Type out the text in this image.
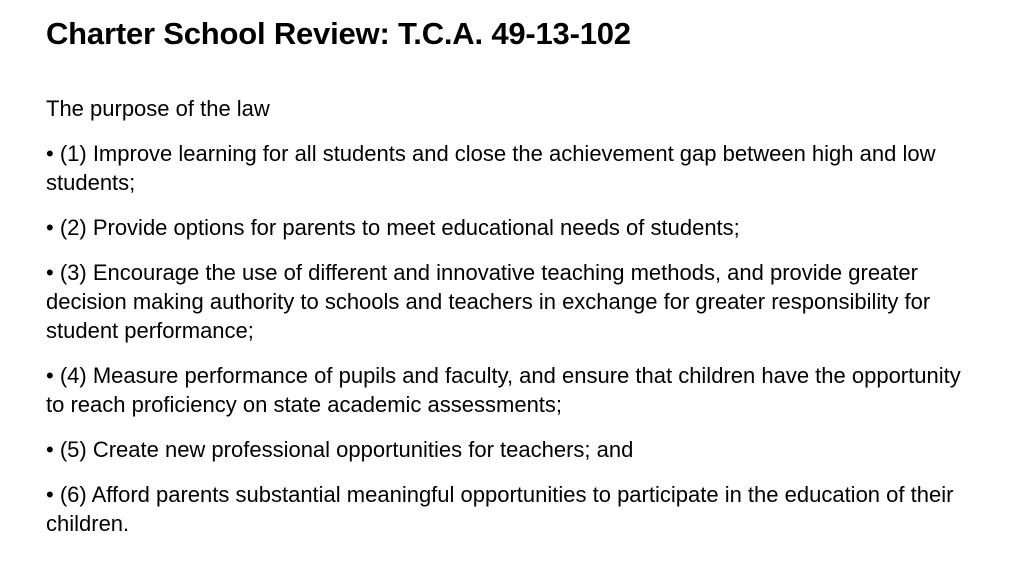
Charter School Review: T.C.A. 49-13-102

The purpose of the law

• (1) Improve learning for all students and close the achievement gap between high and low students;
• (2) Provide options for parents to meet educational needs of students;
• (3) Encourage the use of different and innovative teaching methods, and provide greater decision making authority to schools and teachers in exchange for greater responsibility for student performance;
• (4) Measure performance of pupils and faculty, and ensure that children have the opportunity to reach proficiency on state academic assessments;
• (5) Create new professional opportunities for teachers; and
• (6) Afford parents substantial meaningful opportunities to participate in the education of their children.
